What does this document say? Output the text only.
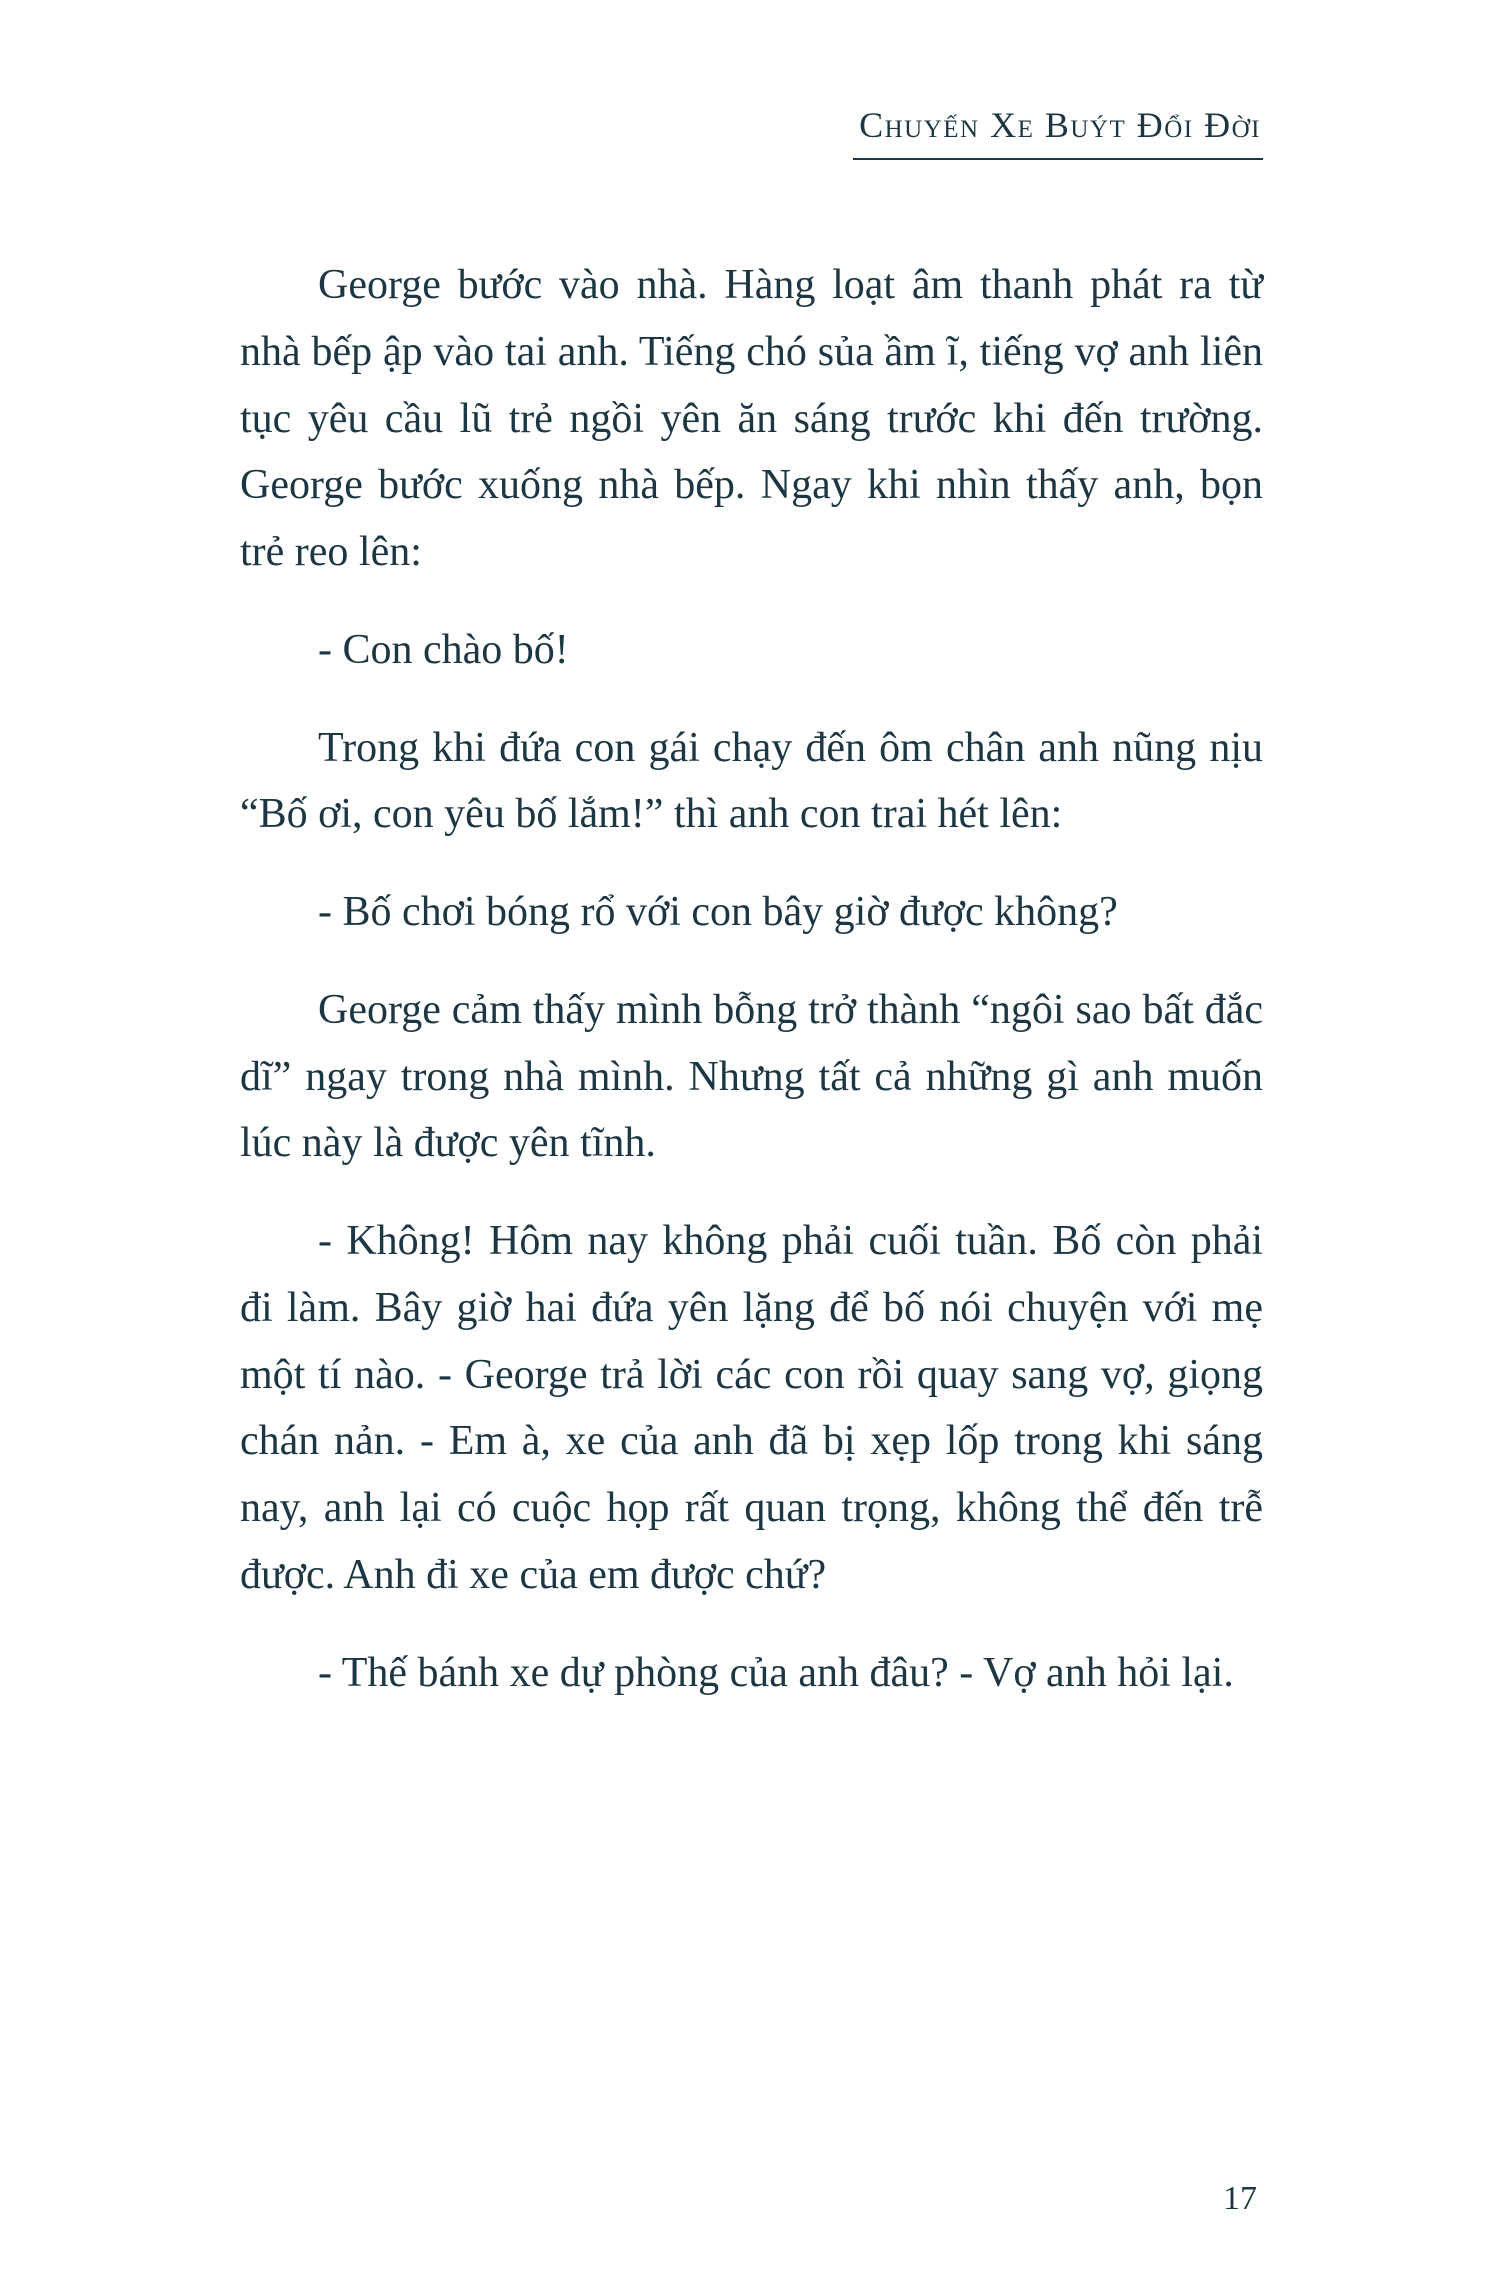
Chuyến Xe Buýt Đổi Đời

George bước vào nhà. Hàng loạt âm thanh phát ra từ nhà bếp ập vào tai anh. Tiếng chó sủa ầm ĩ, tiếng vợ anh liên tục yêu cầu lũ trẻ ngồi yên ăn sáng trước khi đến trường. George bước xuống nhà bếp. Ngay khi nhìn thấy anh, bọn trẻ reo lên:

- Con chào bố!

Trong khi đứa con gái chạy đến ôm chân anh nũng nịu “Bố ơi, con yêu bố lắm!” thì anh con trai hét lên:

- Bố chơi bóng rổ với con bây giờ được không?

George cảm thấy mình bỗng trở thành “ngôi sao bất đắc dĩ” ngay trong nhà mình. Nhưng tất cả những gì anh muốn lúc này là được yên tĩnh.

- Không! Hôm nay không phải cuối tuần. Bố còn phải đi làm. Bây giờ hai đứa yên lặng để bố nói chuyện với mẹ một tí nào. - George trả lời các con rồi quay sang vợ, giọng chán nản. - Em à, xe của anh đã bị xẹp lốp trong khi sáng nay, anh lại có cuộc họp rất quan trọng, không thể đến trễ được. Anh đi xe của em được chứ?

- Thế bánh xe dự phòng của anh đâu? - Vợ anh hỏi lại.

17
